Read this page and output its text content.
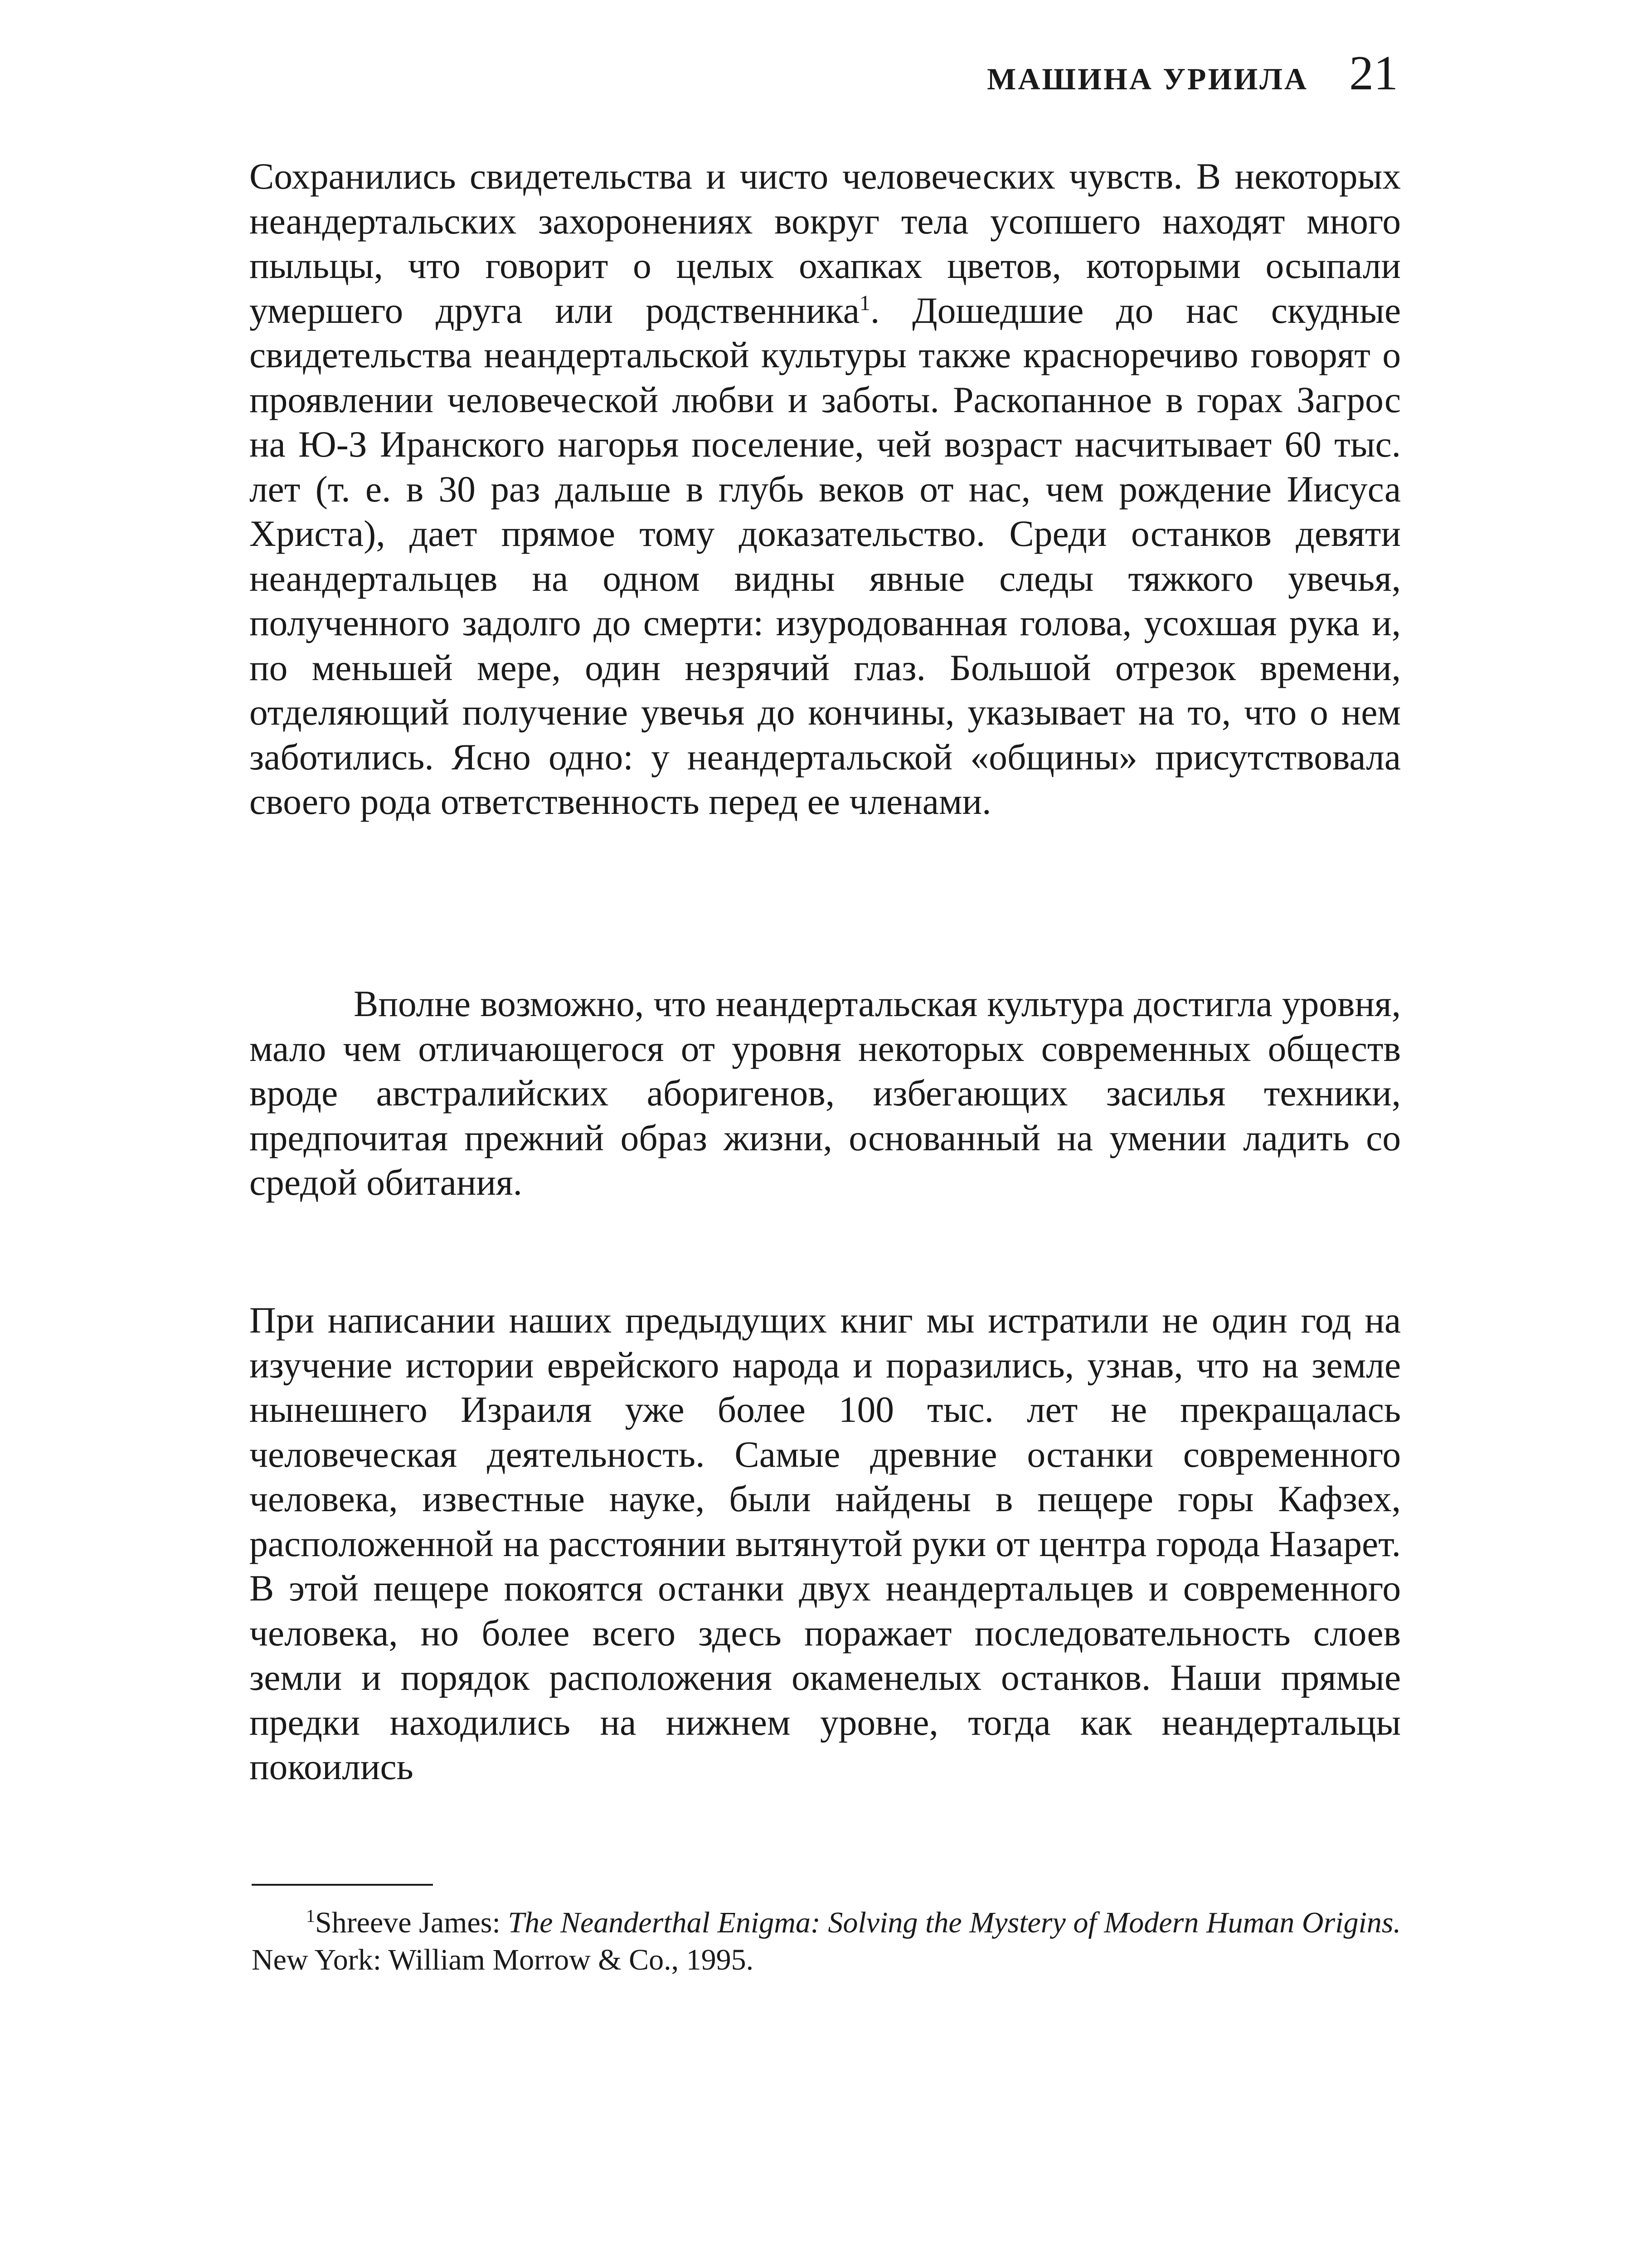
МАШИНА УРИИЛА 21

Сохранились свидетельства и чисто человеческих чувств. В некоторых неандертальских захоронениях вокруг тела усопшего находят много пыльцы, что говорит о целых охапках цветов, которыми осыпали умершего друга или родственника$^1$. Дошедшие до нас скудные свидетельства неандертальской культуры также красноречиво говорят о проявлении человеческой любви и заботы. Раскопанное в горах Загрос на Ю-З Иранского нагорья поселение, чей возраст насчитывает 60 тыс. лет (т. е. в 30 раз дальше в глубь веков от нас, чем рождение Иисуса Христа), дает прямое тому доказательство. Среди останков девяти неандертальцев на одном видны явные следы тяжкого увечья, полученного задолго до смерти: изуродованная голова, усохшая рука и, по меньшей мере, один незрячий глаз. Большой отрезок времени, отделяющий получение увечья до кончины, указывает на то, что о нем заботились. Ясно одно: у неандертальской «общины» присутствовала своего рода ответственность перед ее членами.

Вполне возможно, что неандертальская культура достигла уровня, мало чем отличающегося от уровня некоторых современных обществ вроде австралийских аборигенов, избегающих засилья техники, предпочитая прежний образ жизни, основанный на умении ладить со средой обитания.

При написании наших предыдущих книг мы истратили не один год на изучение истории еврейского народа и поразились, узнав, что на земле нынешнего Израиля уже более 100 тыс. лет не прекращалась человеческая деятельность. Самые древние останки современного человека, известные науке, были найдены в пещере горы Кафзех, расположенной на расстоянии вытянутой руки от центра города Назарет. В этой пещере покоятся останки двух неандертальцев и современного человека, но более всего здесь поражает последовательность слоев земли и порядок расположения окаменелых останков. Наши прямые предки находились на нижнем уровне, тогда как неандертальцы покоились

$^1$Shreeve James: The Neanderthal Enigma: Solving the Mystery of Modern Human Origins. New York: William Morrow & Co., 1995.
